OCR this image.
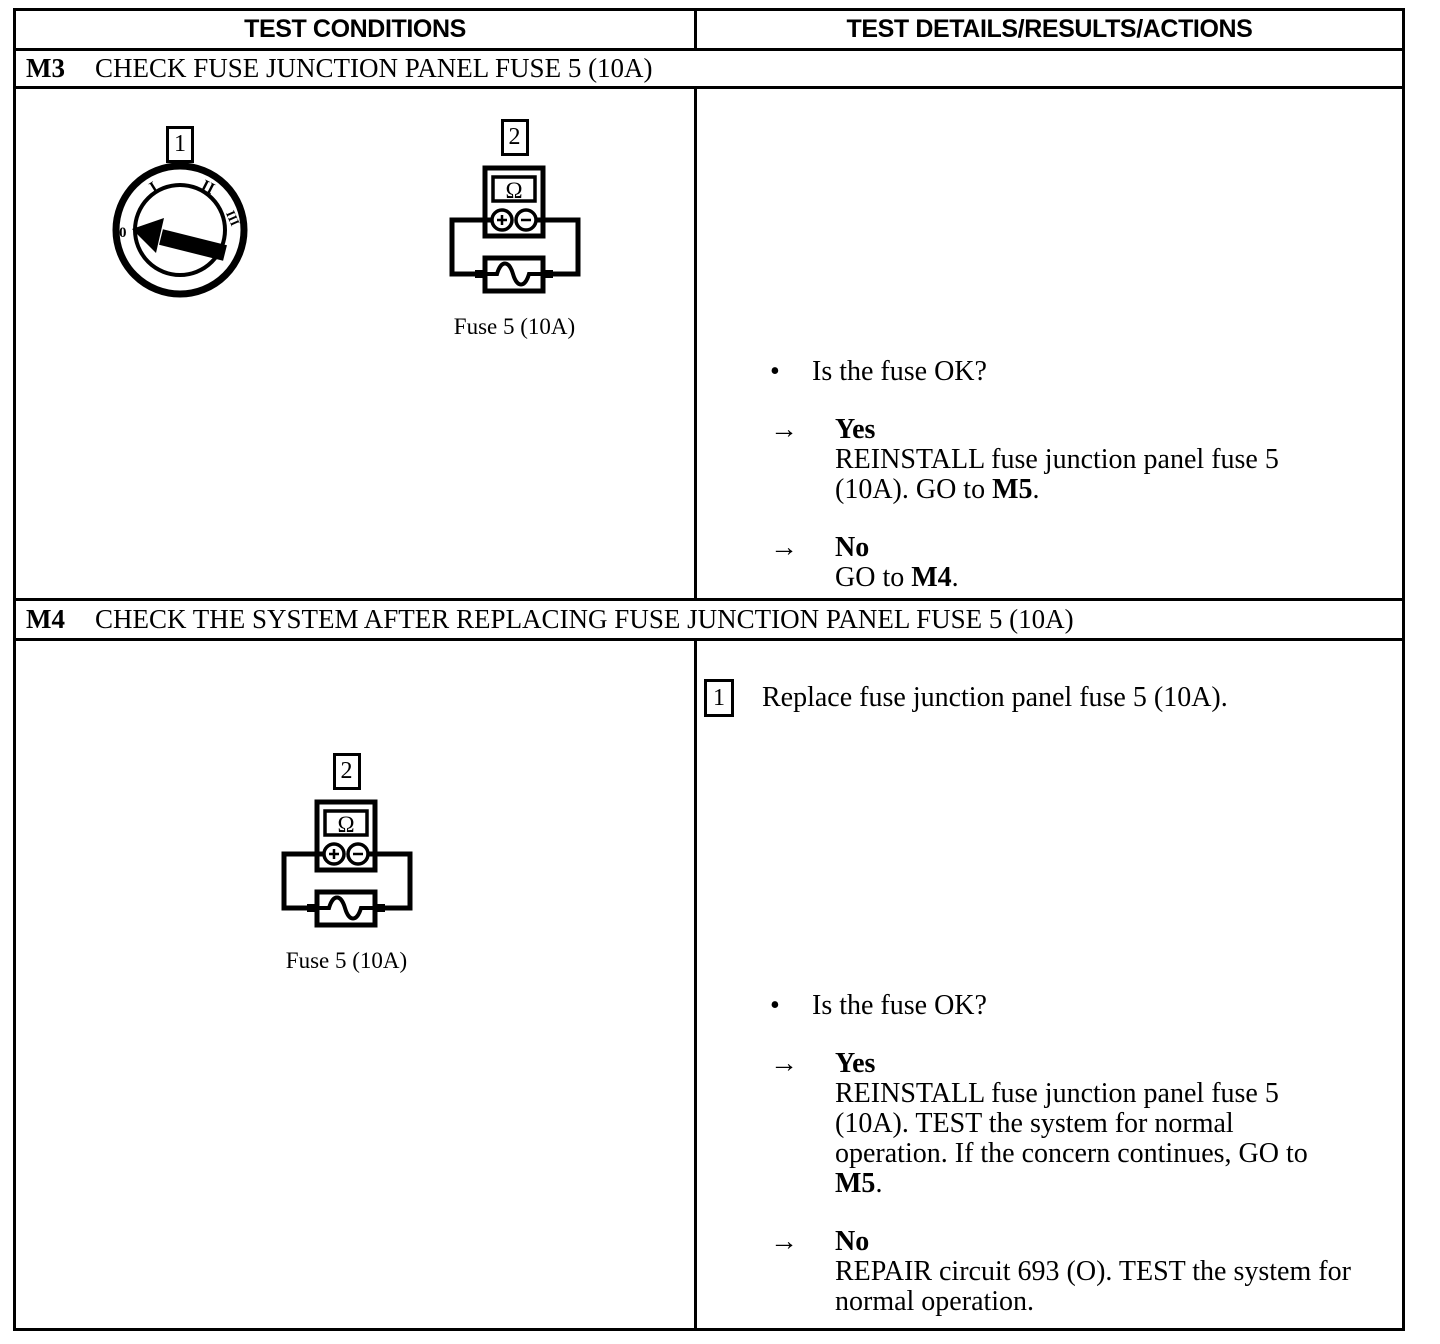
TEST CONDITIONS	TEST DETAILS/RESULTS/ACTIONS
M3	CHECK FUSE JUNCTION PANEL FUSE 5 (10A)
1
0
I II
III
2
Ω
Fuse 5 (10A)
•	Is the fuse OK?
→	Yes
REINSTALL fuse junction panel fuse 5
(10A). GO to M5.
→	No
GO to M4.
M4	CHECK THE SYSTEM AFTER REPLACING FUSE JUNCTION PANEL FUSE 5 (10A)
2
Ω
Fuse 5 (10A)
1	Replace fuse junction panel fuse 5 (10A).
•	Is the fuse OK?
→	Yes
REINSTALL fuse junction panel fuse 5
(10A). TEST the system for normal
operation. If the concern continues, GO to
M5.
→	No
REPAIR circuit 693 (O). TEST the system for
normal operation.
